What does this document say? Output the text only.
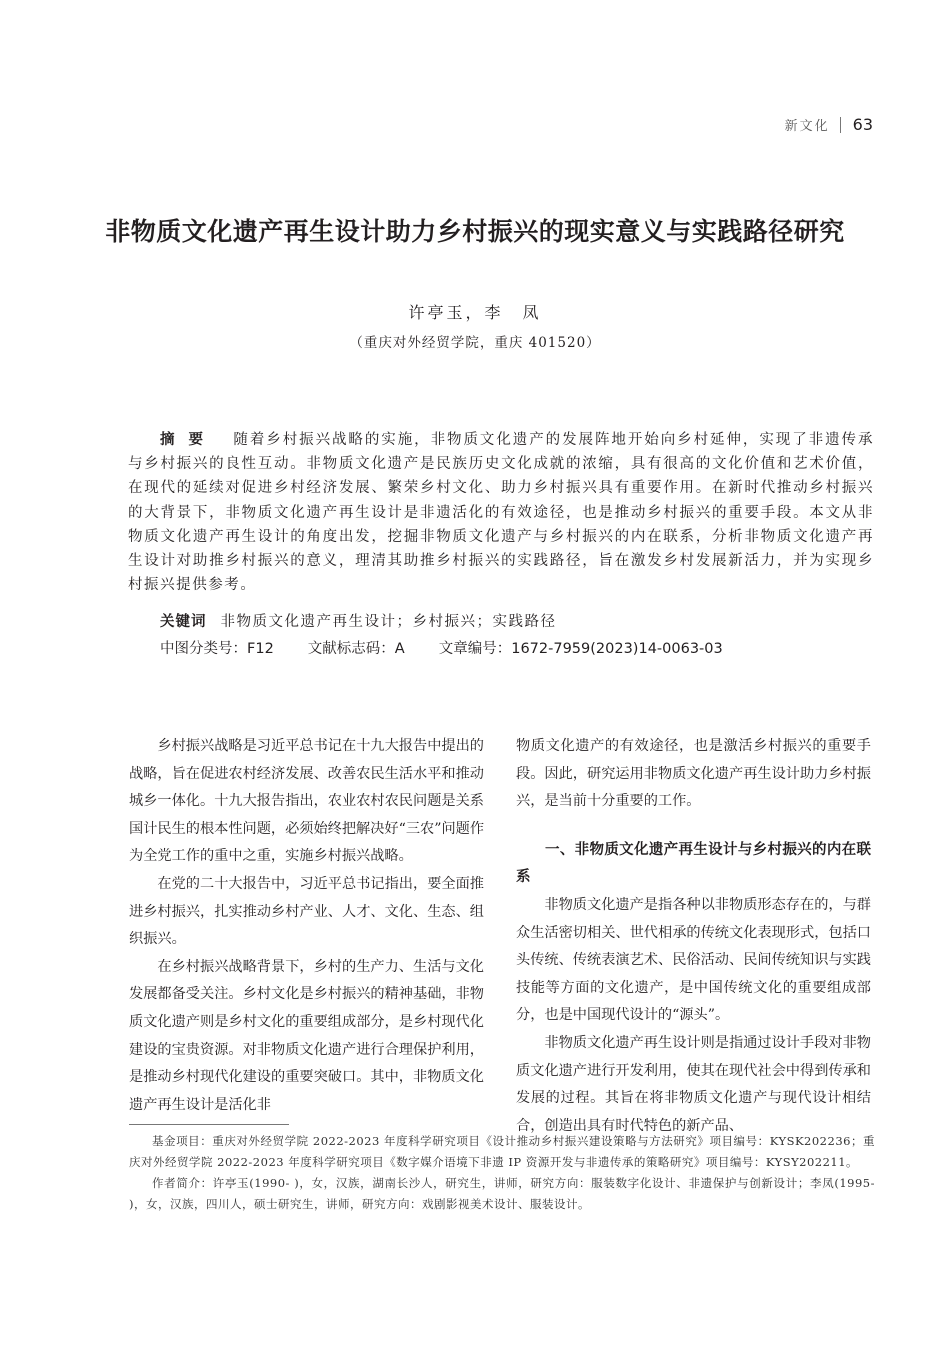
新文化 63
非物质文化遗产再生设计助力乡村振兴的现实意义与实践路径研究
许亭玉，李　凤
（重庆对外经贸学院，重庆 401520）
摘要 随着乡村振兴战略的实施，非物质文化遗产的发展阵地开始向乡村延伸，实现了非遗传承与乡村振兴的良性互动。非物质文化遗产是民族历史文化成就的浓缩，具有很高的文化价值和艺术价值，在现代的延续对促进乡村经济发展、繁荣乡村文化、助力乡村振兴具有重要作用。在新时代推动乡村振兴的大背景下，非物质文化遗产再生设计是非遗活化的有效途径，也是推动乡村振兴的重要手段。本文从非物质文化遗产再生设计的角度出发，挖掘非物质文化遗产与乡村振兴的内在联系，分析非物质文化遗产再生设计对助推乡村振兴的意义，理清其助推乡村振兴的实践路径，旨在激发乡村发展新活力，并为实现乡村振兴提供参考。
关键词 非物质文化遗产再生设计；乡村振兴；实践路径
中图分类号：F12 文献标志码：A 文章编号：1672-7959(2023)14-0063-03

乡村振兴战略是习近平总书记在十九大报告中提出的战略，旨在促进农村经济发展、改善农民生活水平和推动城乡一体化。十九大报告指出，农业农村农民问题是关系国计民生的根本性问题，必须始终把解决好“三农”问题作为全党工作的重中之重，实施乡村振兴战略。

在党的二十大报告中，习近平总书记指出，要全面推进乡村振兴，扎实推动乡村产业、人才、文化、生态、组织振兴。

在乡村振兴战略背景下，乡村的生产力、生活与文化发展都备受关注。乡村文化是乡村振兴的精神基础，非物质文化遗产则是乡村文化的重要组成部分，是乡村现代化建设的宝贵资源。对非物质文化遗产进行合理保护利用，是推动乡村现代化建设的重要突破口。其中，非物质文化遗产再生设计是活化非

物质文化遗产的有效途径，也是激活乡村振兴的重要手段。因此，研究运用非物质文化遗产再生设计助力乡村振兴，是当前十分重要的工作。

一、非物质文化遗产再生设计与乡村振兴的内在联系

非物质文化遗产是指各种以非物质形态存在的，与群众生活密切相关、世代相承的传统文化表现形式，包括口头传统、传统表演艺术、民俗活动、民间传统知识与实践技能等方面的文化遗产，是中国传统文化的重要组成部分，也是中国现代设计的“源头”。

非物质文化遗产再生设计则是指通过设计手段对非物质文化遗产进行开发利用，使其在现代社会中得到传承和发展的过程。其旨在将非物质文化遗产与现代设计相结合，创造出具有时代特色的新产品、

基金项目：重庆对外经贸学院 2022-2023 年度科学研究项目《设计推动乡村振兴建设策略与方法研究》项目编号：KYSK202236；重庆对外经贸学院 2022-2023 年度科学研究项目《数字媒介语境下非遗 IP 资源开发与非遗传承的策略研究》项目编号：KYSY202211。

作者简介：许亭玉(1990- )，女，汉族，湖南长沙人，研究生，讲师，研究方向：服装数字化设计、非遗保护与创新设计；李凤(1995- )，女，汉族，四川人，硕士研究生，讲师，研究方向：戏剧影视美术设计、服装设计。
